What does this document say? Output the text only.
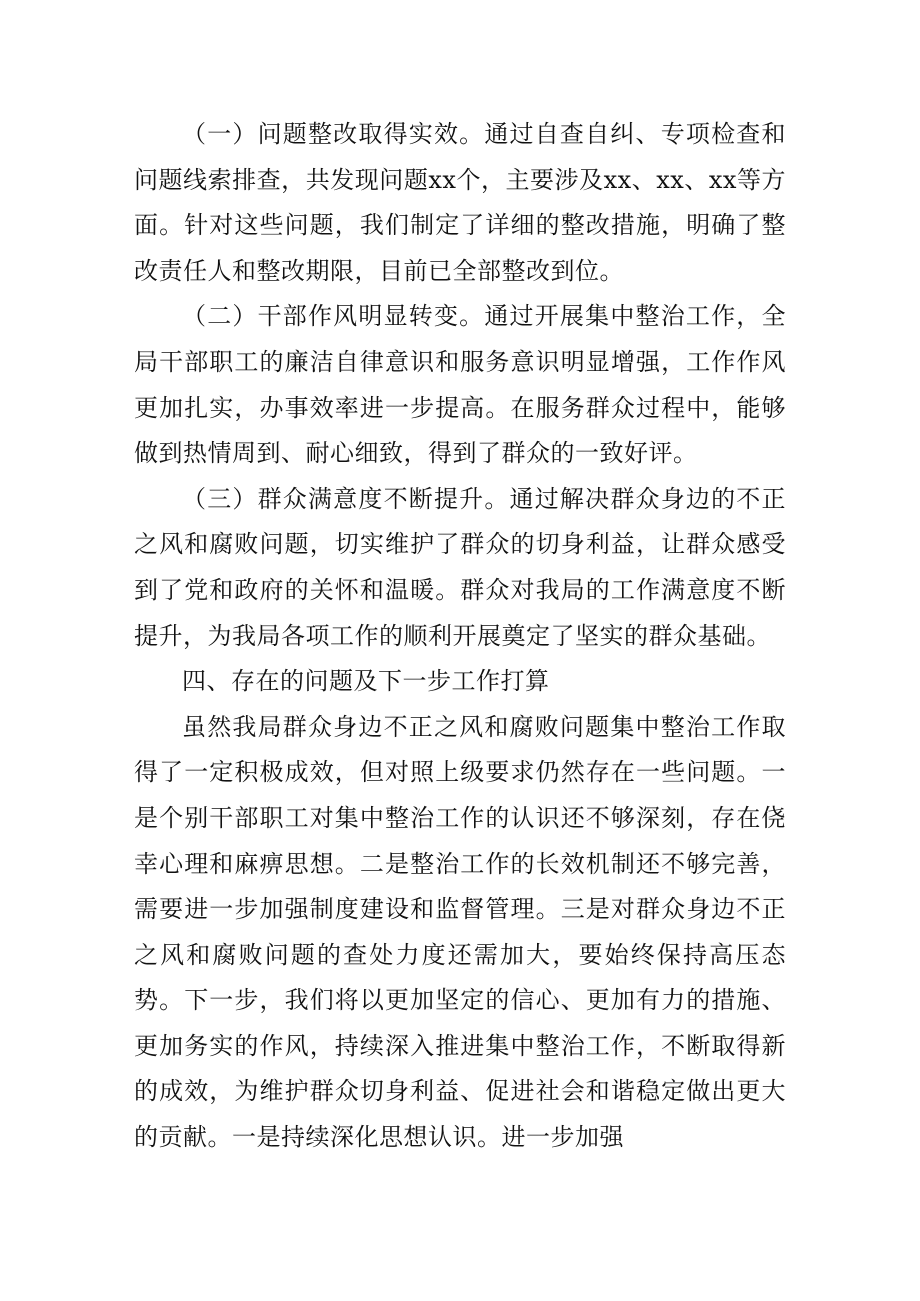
（一）问题整改取得实效。通过自查自纠、专项检查和问题线索排查，共发现问题xx个，主要涉及xx、xx、xx等方面。针对这些问题，我们制定了详细的整改措施，明确了整改责任人和整改期限，目前已全部整改到位。

（二）干部作风明显转变。通过开展集中整治工作，全局干部职工的廉洁自律意识和服务意识明显增强，工作作风更加扎实，办事效率进一步提高。在服务群众过程中，能够做到热情周到、耐心细致，得到了群众的一致好评。

（三）群众满意度不断提升。通过解决群众身边的不正之风和腐败问题，切实维护了群众的切身利益，让群众感受到了党和政府的关怀和温暖。群众对我局的工作满意度不断提升，为我局各项工作的顺利开展奠定了坚实的群众基础。

四、存在的问题及下一步工作打算

虽然我局群众身边不正之风和腐败问题集中整治工作取得了一定积极成效，但对照上级要求仍然存在一些问题。一是个别干部职工对集中整治工作的认识还不够深刻，存在侥幸心理和麻痹思想。二是整治工作的长效机制还不够完善，需要进一步加强制度建设和监督管理。三是对群众身边不正之风和腐败问题的查处力度还需加大，要始终保持高压态势。下一步，我们将以更加坚定的信心、更加有力的措施、更加务实的作风，持续深入推进集中整治工作，不断取得新的成效，为维护群众切身利益、促进社会和谐稳定做出更大的贡献。一是持续深化思想认识。进一步加强
